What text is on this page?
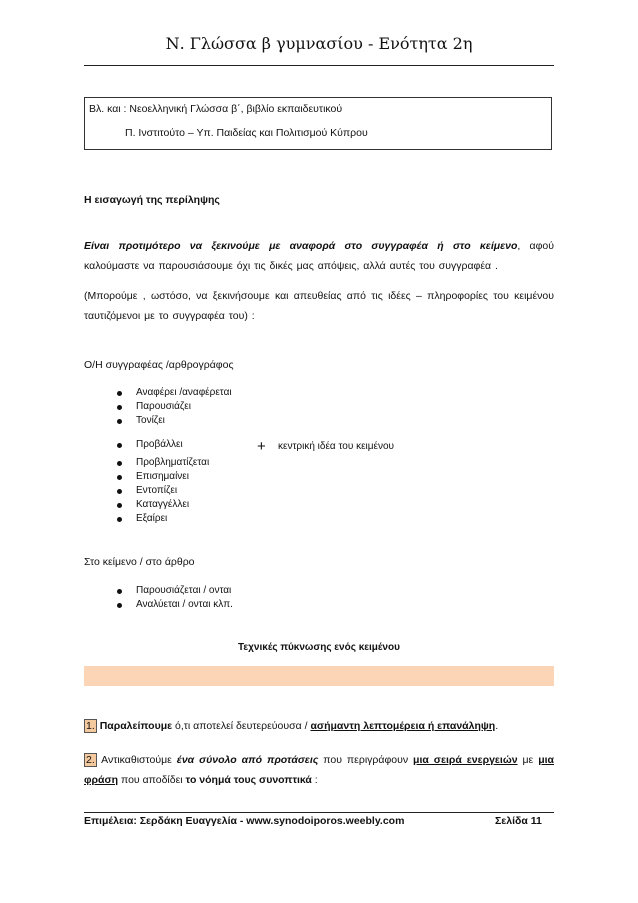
Ν. Γλώσσα β γυμνασίου - Ενότητα 2η
Βλ. και : Νεοελληνική Γλώσσα β΄, βιβλίο εκπαιδευτικού
Π. Ινστιτούτο – Υπ. Παιδείας και Πολιτισμού Κύπρου
Η εισαγωγή της περίληψης
Είναι προτιμότερο να ξεκινούμε με αναφορά στο συγγραφέα ή στο κείμενο, αφού καλούμαστε να παρουσιάσουμε όχι τις δικές μας απόψεις, αλλά αυτές του συγγραφέα .
(Μπορούμε , ωστόσο, να ξεκινήσουμε και απευθείας από τις ιδέες – πληροφορίες του κειμένου ταυτιζόμενοι με το συγγραφέα του) :
Ο/Η συγγραφέας /αρθρογράφος
Αναφέρει /αναφέρεται
Παρουσιάζει
Τονίζει
Προβάλλει
Προβληματίζεται
Επισημαίνει
Εντοπίζει
Καταγγέλλει
Εξαίρει
+ κεντρική ιδέα του κειμένου
Στο κείμενο / στο άρθρο
Παρουσιάζεται / ονται
Αναλύεται / ονται κλπ.
Τεχνικές πύκνωσης ενός κειμένου
1. Παραλείπουμε ό,τι αποτελεί δευτερεύουσα / ασήμαντη λεπτομέρεια ή επανάληψη.
2. Αντικαθιστούμε ένα σύνολο από προτάσεις που περιγράφουν μια σειρά ενεργειών με μια φράση που αποδίδει το νόημά τους συνοπτικά :
Επιμέλεια: Σερδάκη Ευαγγελία - www.synodoiporos.weebly.com	Σελίδα 11
